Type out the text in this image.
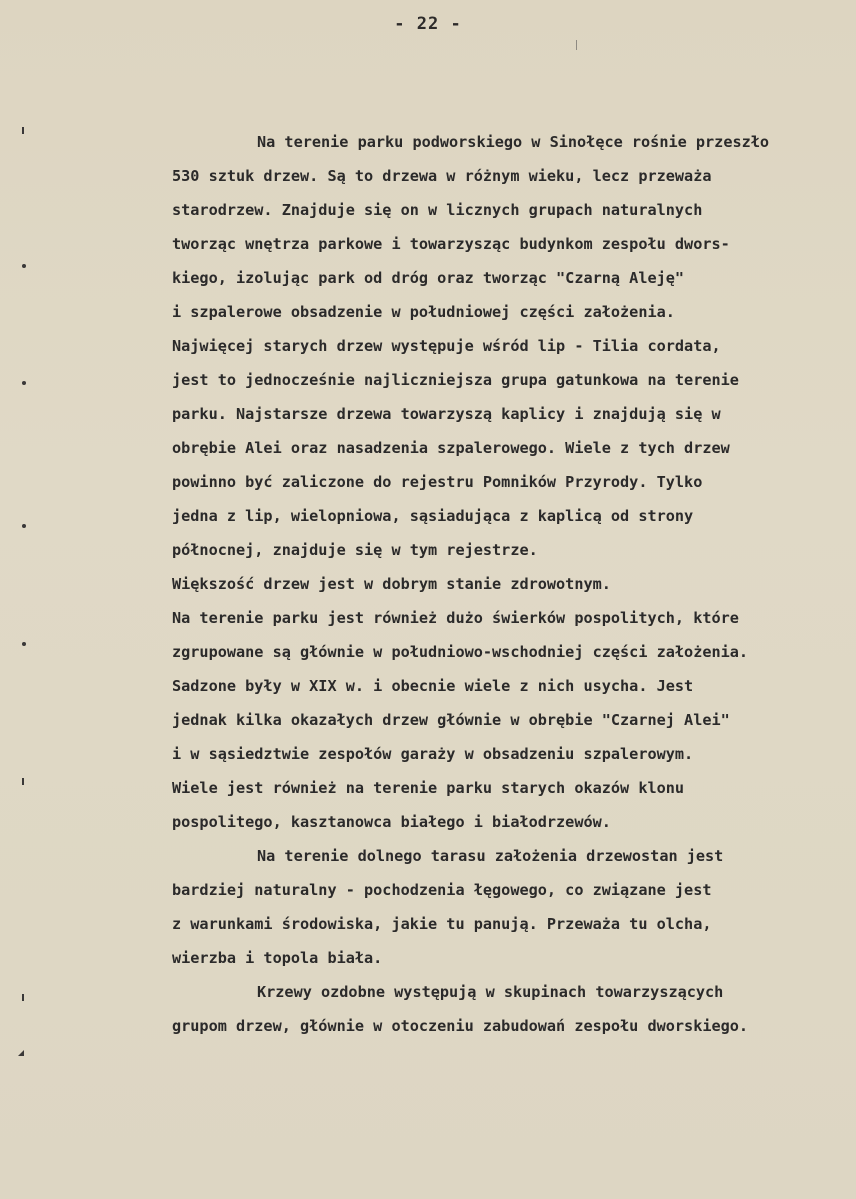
- 22 -
Na terenie parku podworskiego w Sinołęce rośnie przeszło
530 sztuk drzew. Są to drzewa w różnym wieku, lecz przeważa
starodrzew. Znajduje się on w licznych grupach naturalnych
tworząc wnętrza parkowe i towarzysząc budynkom zespołu dwors-
kiego, izolując park od dróg oraz tworząc "Czarną Aleję"
i szpalerowe obsadzenie w południowej części założenia.
Najwięcej starych drzew występuje wśród lip - Tilia cordata,
jest to jednocześnie najliczniejsza grupa gatunkowa na terenie
parku. Najstarsze drzewa towarzyszą kaplicy i znajdują się w
obrębie Alei oraz nasadzenia szpalerowego. Wiele z tych drzew
powinno być zaliczone do rejestru Pomników Przyrody. Tylko
jedna z lip, wielopniowa, sąsiadująca z kaplicą od strony
północnej, znajduje się w tym rejestrze.
Większość drzew jest w dobrym stanie zdrowotnym.
Na terenie parku jest również dużo świerków pospolitych, które
zgrupowane są głównie w południowo-wschodniej części założenia.
Sadzone były w XIX w. i obecnie wiele z nich usycha. Jest
jednak kilka okazałych drzew głównie w obrębie "Czarnej Alei"
i w sąsiedztwie zespołów garaży w obsadzeniu szpalerowym.
Wiele jest również na terenie parku starych okazów klonu
pospolitego, kasztanowca białego i białodrzewów.
Na terenie dolnego tarasu założenia drzewostan jest
bardziej naturalny - pochodzenia łęgowego, co związane jest
z warunkami środowiska, jakie tu panują. Przeważa tu olcha,
wierzba i topola biała.
Krzewy ozdobne występują w skupinach towarzyszących
grupom drzew, głównie w otoczeniu zabudowań zespołu dworskiego.
